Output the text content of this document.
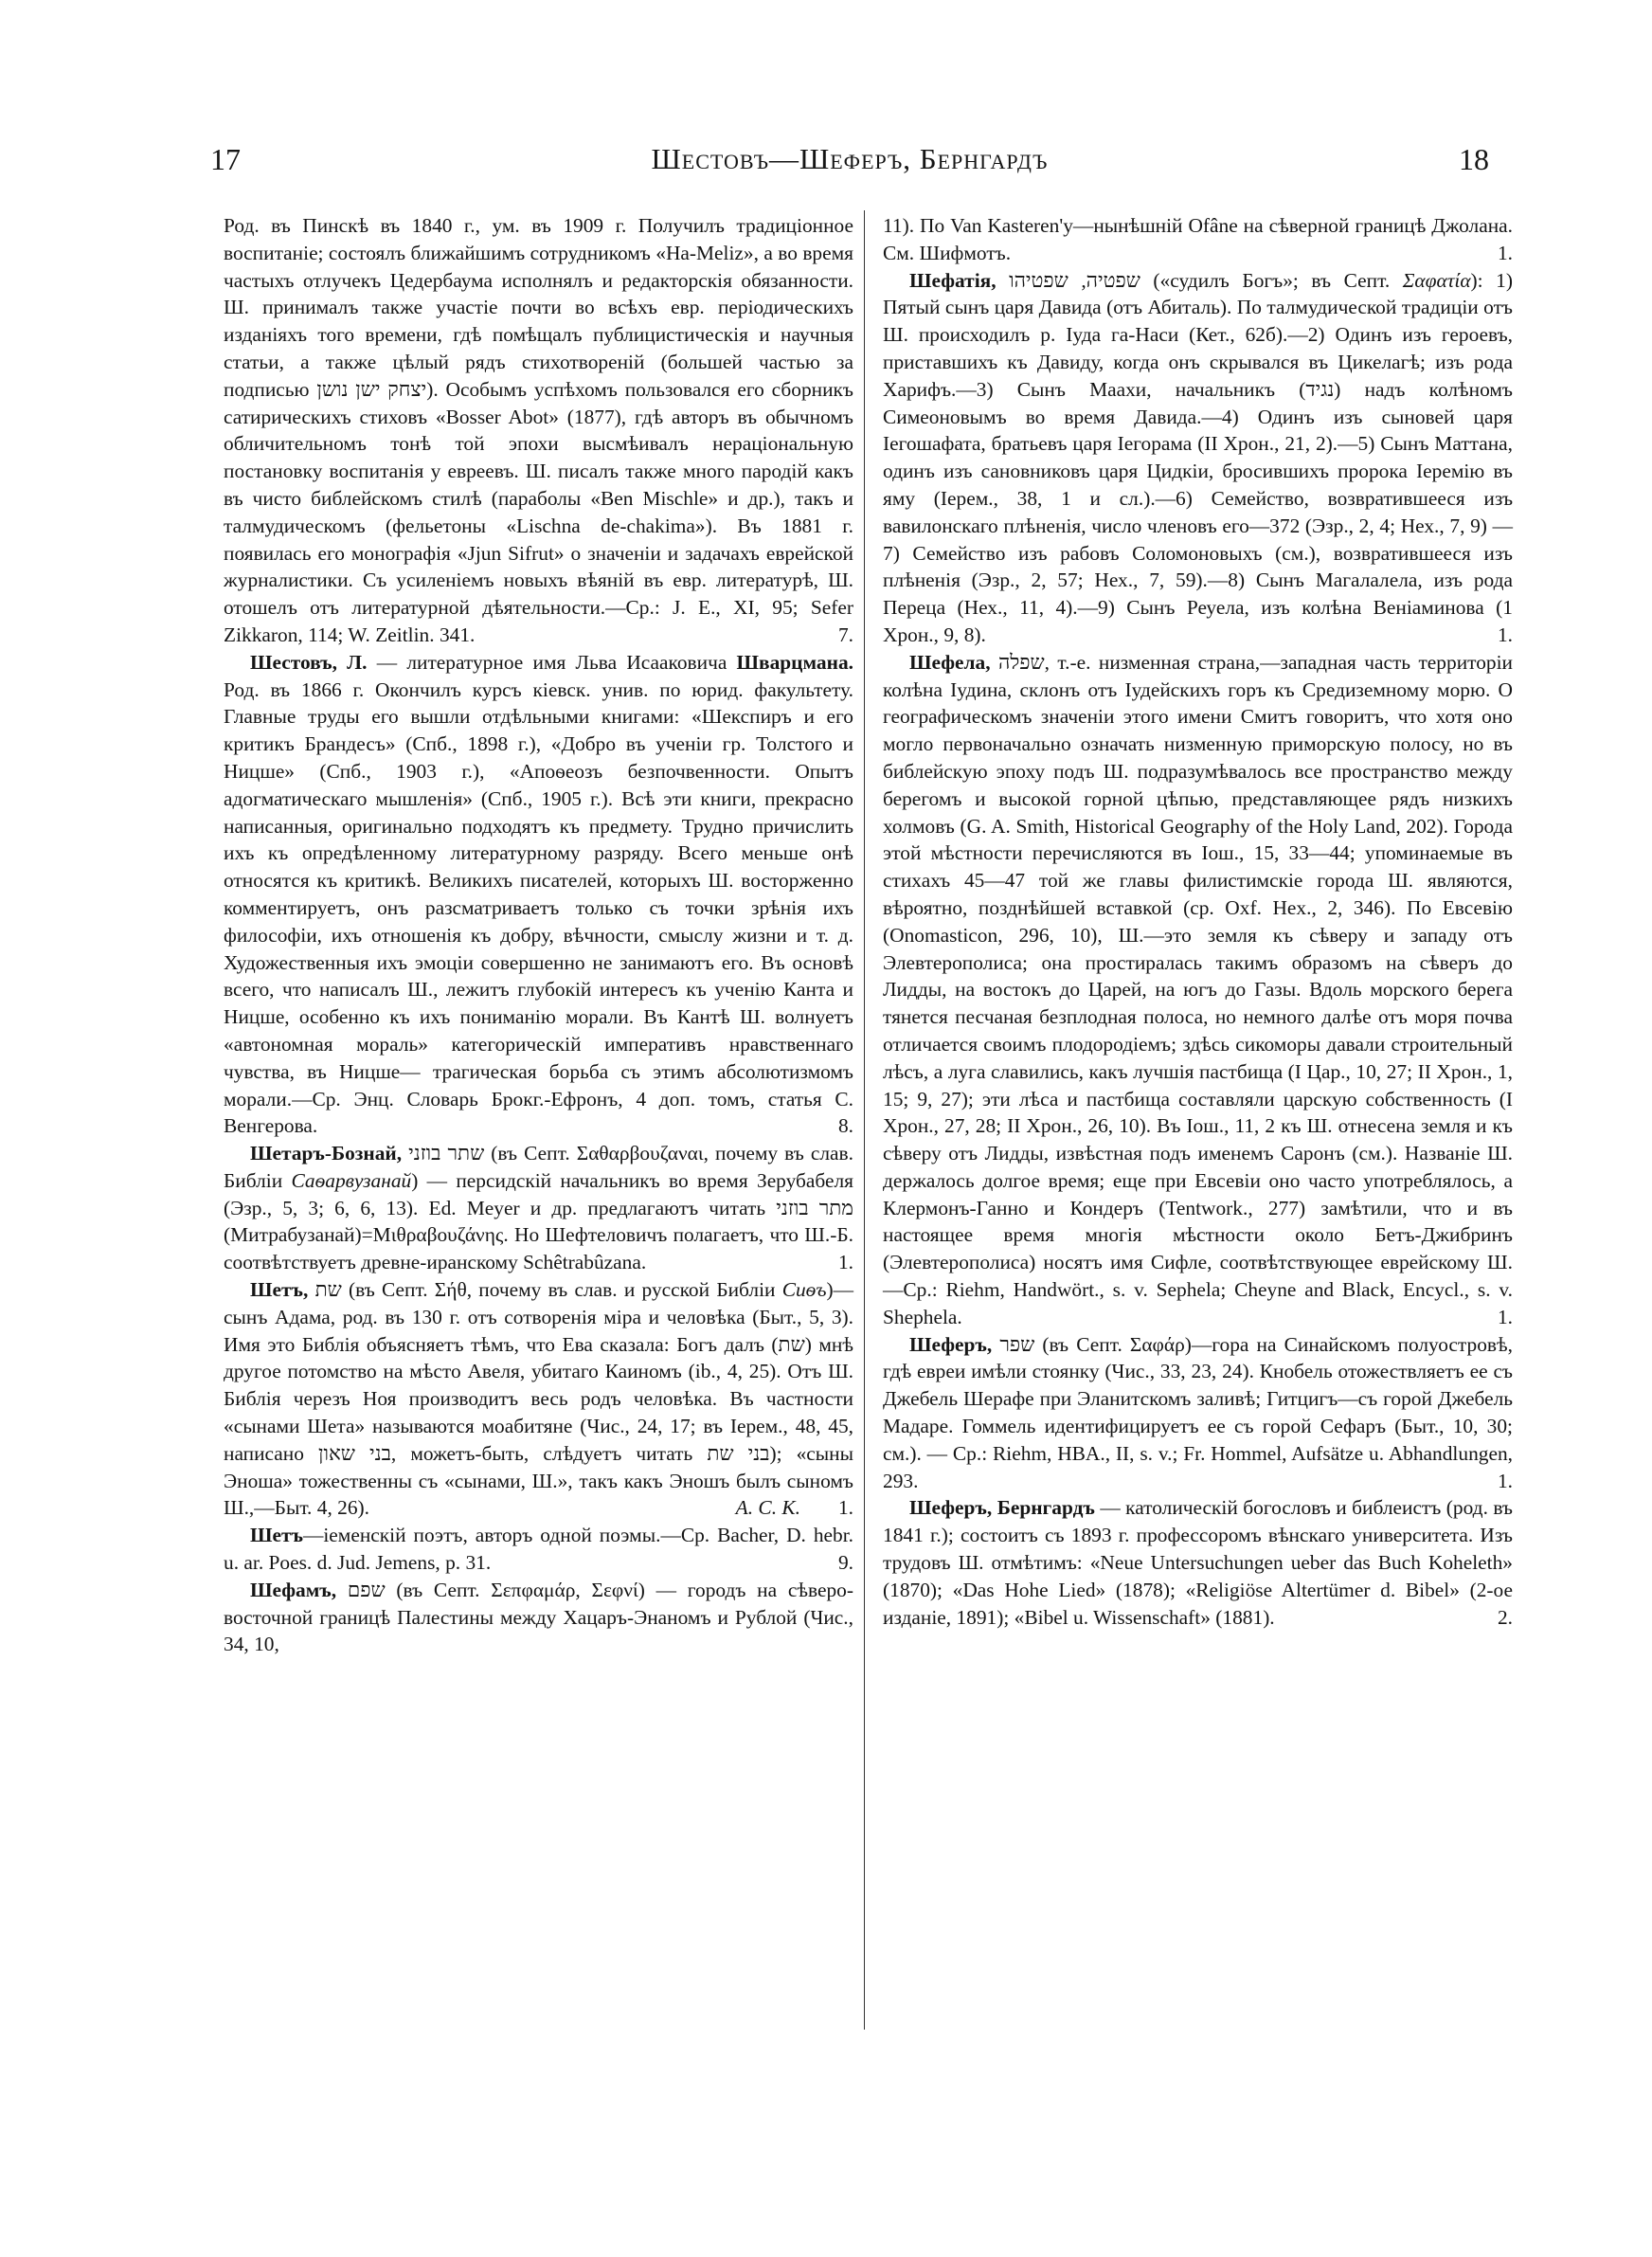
17	Шестовъ—Шеферъ, Бернгардъ	18

Род. въ Пинскѣ въ 1840 г., ум. въ 1909 г. Получилъ традиціонное воспитаніе; состоялъ ближайшимъ сотрудникомъ «Ha-Meliz», а во время частыхъ отлучекъ Цедербаума исполнялъ и редакторскія обязанности. Ш. принималъ также участіе почти во всѣхъ евр. періодическихъ изданіяхъ того времени, гдѣ помѣщалъ публицистическія и научныя статьи, а также цѣлый рядъ стихотвореній (большей частью за подписью יצחק ישן נושן). Особымъ успѣхомъ пользовался его сборникъ сатирическихъ стиховъ «Bosser Abot» (1877), гдѣ авторъ въ обычномъ обличительномъ тонѣ той эпохи высмѣивалъ нераціональную постановку воспитанія у евреевъ. Ш. писалъ также много пародій какъ въ чисто библейскомъ стилѣ (параболы «Ben Mischle» и др.), такъ и талмудическомъ (фельетоны «Lischna de-chakima»). Въ 1881 г. появилась его монографія «Jjun Sifrut» о значеніи и задачахъ еврейской журналистики. Съ усиленіемъ новыхъ вѣяній въ евр. литературѣ, Ш. отошелъ отъ литературной дѣятельности.—Ср.: J. E., XI, 95; Sefer Zikkaron, 114; W. Zeitlin. 341.	7.

Шестовъ, Л. — литературное имя Льва Исааковича Шварцмана. Род. въ 1866 г. Окончилъ курсъ кіевск. унив. по юрид. факультету. Главные труды его вышли отдѣльными книгами: «Шекспиръ и его критикъ Брандесъ» (Спб., 1898 г.), «Добро въ ученіи гр. Толстого и Ницше» (Спб., 1903 г.), «Апоѳеозъ безпочвенности. Опытъ адогматическаго мышленія» (Спб., 1905 г.). Всѣ эти книги, прекрасно написанныя, оригинально подходятъ къ предмету. Трудно причислить ихъ къ опредѣленному литературному разряду. Всего меньше онѣ относятся къ критикѣ. Великихъ писателей, которыхъ Ш. восторженно комментируетъ, онъ разсматриваетъ только съ точки зрѣнія ихъ философіи, ихъ отношенія къ добру, вѣчности, смыслу жизни и т. д. Художественныя ихъ эмоціи совершенно не занимаютъ его. Въ основѣ всего, что написалъ Ш., лежитъ глубокій интересъ къ ученію Канта и Ницше, особенно къ ихъ пониманію морали. Въ Кантѣ Ш. волнуетъ «автономная мораль» категорическій императивъ нравственнаго чувства, въ Ницше— трагическая борьба съ этимъ абсолютизмомъ морали.—Ср. Энц. Словарь Брокг.-Ефронъ, 4 доп. томъ, статья С. Венгерова.	8.

Шетаръ-Бознай, שתר בוזני (въ Септ. Σαθαρβουζαναι, почему въ слав. Библіи Саѳарвузанай) — персидскій начальникъ во время Зерубабеля (Эзр., 5, 3; 6, 6, 13). Ed. Meyer и др. предлагаютъ читать מתר בוזני (Митрабузанай)=Μιθραβουζάνης. Но Шефтеловичъ полагаетъ, что Ш.-Б. соотвѣтствуетъ древне-иранскому Schêtrabûzana.	1.

Шетъ, שת (въ Септ. Σήθ, почему въ слав. и русской Библіи Сиѳъ)—сынъ Адама, род. въ 130 г. отъ сотворенія міра и человѣка (Быт., 5, 3). Имя это Библія объясняетъ тѣмъ, что Ева сказала: Богъ далъ (שת) мнѣ другое потомство на мѣсто Авеля, убитаго Каиномъ (ib., 4, 25). Отъ Ш. Библія черезъ Ноя производитъ весь родъ человѣка. Въ частности «сынами Шета» называются моабитяне (Чис., 24, 17; въ Iерем., 48, 45, написано בני שאון, можетъ-быть, слѣдуетъ читать בני שת); «сыны Эноша» тожественны съ «сынами, Ш.», такъ какъ Эношъ былъ сыномъ Ш.,—Быт. 4, 26).	1.
А. С. К.

Шетъ—іеменскій поэтъ, авторъ одной поэмы.—Ср. Bacher, D. hebr. u. ar. Poes. d. Jud. Jemens, p. 31.	9.

Шефамъ, שפם (въ Септ. Σεπφαμάρ, Σεφνί) — городъ на сѣверо-восточной границѣ Палестины между Хацаръ-Энаномъ и Рублой (Чис., 34, 10,

11). По Van Kasteren'у—нынѣшній Ofâne на сѣверной границѣ Джолана. См. Шифмотъ.	1.

Шефатія, שפטיה, שפטיהו («судилъ Богъ»; въ Септ. Σαφατία): 1) Пятый сынъ царя Давида (отъ Абиталь). По талмудической традиціи отъ Ш. происходилъ р. Iуда га-Наси (Кет., 62б).—2) Одинъ изъ героевъ, приставшихъ къ Давиду, когда онъ скрывался въ Цикелагѣ; изъ рода Харифъ.—3) Сынъ Маахи, начальникъ (נגיד) надъ колѣномъ Симеоновымъ во время Давида.—4) Одинъ изъ сыновей царя Iегошафата, братьевъ царя Iегорама (II Хрон., 21, 2).—5) Сынъ Маттана, одинъ изъ сановниковъ царя Цидкіи, бросившихъ пророка Iеремію въ яму (Iерем., 38, 1 и сл.).—6) Семейство, возвратившееся изъ вавилонскаго плѣненія, число членовъ его—372 (Эзр., 2, 4; Нех., 7, 9) —7) Семейство изъ рабовъ Соломоновыхъ (см.), возвратившееся изъ плѣненія (Эзр., 2, 57; Нех., 7, 59).—8) Сынъ Магалалела, изъ рода Переца (Нех., 11, 4).—9) Сынъ Реуела, изъ колѣна Веніаминова (1 Хрон., 9, 8).	1.

Шефела, שפלה, т.-е. низменная страна,—западная часть территоріи колѣна Iудина, склонъ отъ Iудейскихъ горъ къ Средиземному морю. О географическомъ значеніи этого имени Смитъ говоритъ, что хотя оно могло первоначально означать низменную приморскую полосу, но въ библейскую эпоху подъ Ш. подразумѣвалось все пространство между берегомъ и высокой горной цѣпью, представляющее рядъ низкихъ холмовъ (G. A. Smith, Historical Geography of the Holy Land, 202). Города этой мѣстности перечисляются въ Iош., 15, 33—44; упоминаемые въ стихахъ 45—47 той же главы филистимскіе города Ш. являются, вѣроятно, позднѣйшей вставкой (ср. Oxf. Hex., 2, 346). По Евсевію (Onomasticon, 296, 10), Ш.—это земля къ сѣверу и западу отъ Элевтерополиса; она простиралась такимъ образомъ на сѣверъ до Лидды, на востокъ до Царей, на югъ до Газы. Вдоль морского берега тянется песчаная безплодная полоса, но немного далѣе отъ моря почва отличается своимъ плодородіемъ; здѣсь сикоморы давали строительный лѣсъ, а луга славились, какъ лучшія пастбища (I Цар., 10, 27; II Хрон., 1, 15; 9, 27); эти лѣса и пастбища составляли царскую собственность (I Хрон., 27, 28; II Хрон., 26, 10). Въ Iош., 11, 2 къ Ш. отнесена земля и къ сѣверу отъ Лидды, извѣстная подъ именемъ Саронъ (см.). Названіе Ш. держалось долгое время; еще при Евсевіи оно часто употреблялось, а Клермонъ-Ганно и Кондеръ (Tentwork., 277) замѣтили, что и въ настоящее время многія мѣстности около Бетъ-Джибринъ (Элевтерополиса) носятъ имя Сифле, соотвѣтствующее еврейскому Ш.—Ср.: Riehm, Handwört., s. v. Sephela; Cheyne and Black, Encycl., s. v. Shephela.	1.

Шеферъ, שפר (въ Септ. Σαφάρ)—гора на Синайскомъ полуостровѣ, гдѣ евреи имѣли стоянку (Чис., 33, 23, 24). Кнобель отожествляетъ ее съ Джебель Шерафе при Эланитскомъ заливѣ; Гитцигъ—съ горой Джебель Мадаре. Гоммель идентифицируетъ ее съ горой Сефаръ (Быт., 10, 30; см.). — Ср.: Riehm, HBA., II, s. v.; Fr. Hommel, Aufsätze u. Abhandlungen, 293.	1.

Шеферъ, Бернгардъ — католическій богословъ и библеистъ (род. въ 1841 г.); состоитъ съ 1893 г. профессоромъ вѣнскаго университета. Изъ трудовъ Ш. отмѣтимъ: «Neue Untersuchungen ueber das Buch Koheleth» (1870); «Das Hohe Lied» (1878); «Religiöse Altertümer d. Bibel» (2-ое изданіе, 1891); «Bibel u. Wissenschaft» (1881).	2.
